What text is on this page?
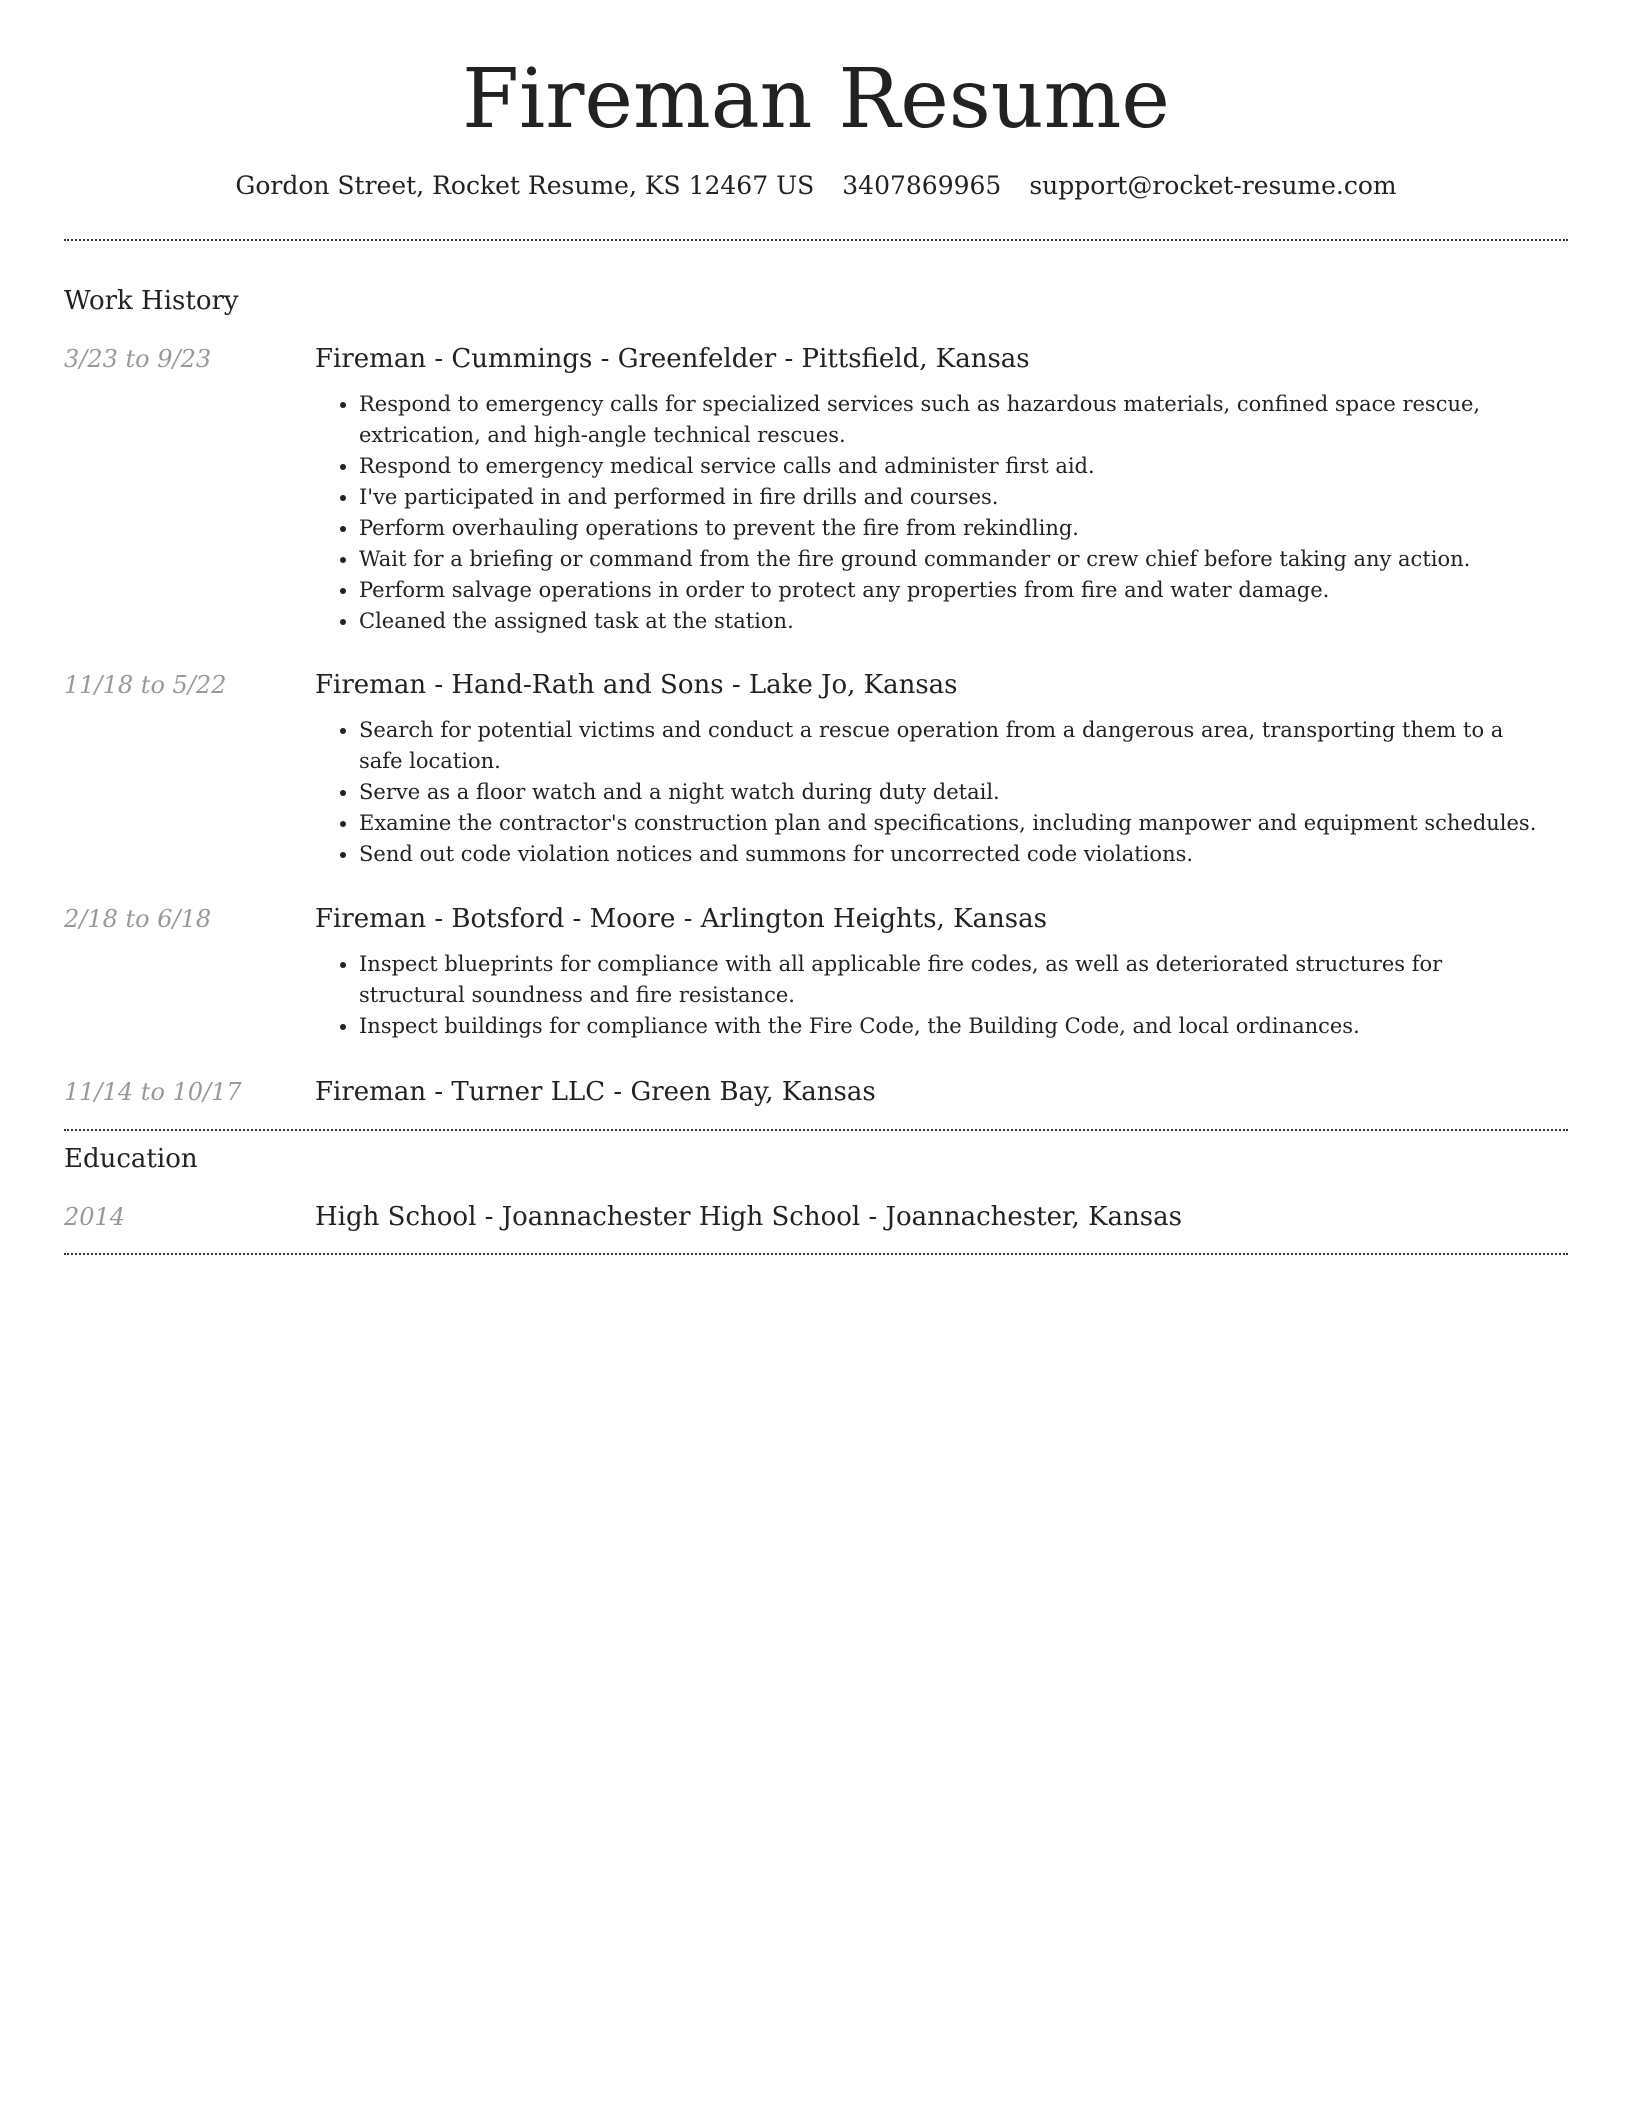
Fireman Resume
Gordon Street, Rocket Resume, KS 12467 US 3407869965 support@rocket-resume.com
Work History
3/23 to 9/23	Fireman - Cummings - Greenfelder - Pittsfield, Kansas
• Respond to emergency calls for specialized services such as hazardous materials, confined space rescue, extrication, and high-angle technical rescues.
• Respond to emergency medical service calls and administer first aid.
• I've participated in and performed in fire drills and courses.
• Perform overhauling operations to prevent the fire from rekindling.
• Wait for a briefing or command from the fire ground commander or crew chief before taking any action.
• Perform salvage operations in order to protect any properties from fire and water damage.
• Cleaned the assigned task at the station.
11/18 to 5/22	Fireman - Hand-Rath and Sons - Lake Jo, Kansas
• Search for potential victims and conduct a rescue operation from a dangerous area, transporting them to a safe location.
• Serve as a floor watch and a night watch during duty detail.
• Examine the contractor's construction plan and specifications, including manpower and equipment schedules.
• Send out code violation notices and summons for uncorrected code violations.
2/18 to 6/18	Fireman - Botsford - Moore - Arlington Heights, Kansas
• Inspect blueprints for compliance with all applicable fire codes, as well as deteriorated structures for structural soundness and fire resistance.
• Inspect buildings for compliance with the Fire Code, the Building Code, and local ordinances.
11/14 to 10/17	Fireman - Turner LLC - Green Bay, Kansas
Education
2014	High School - Joannachester High School - Joannachester, Kansas
